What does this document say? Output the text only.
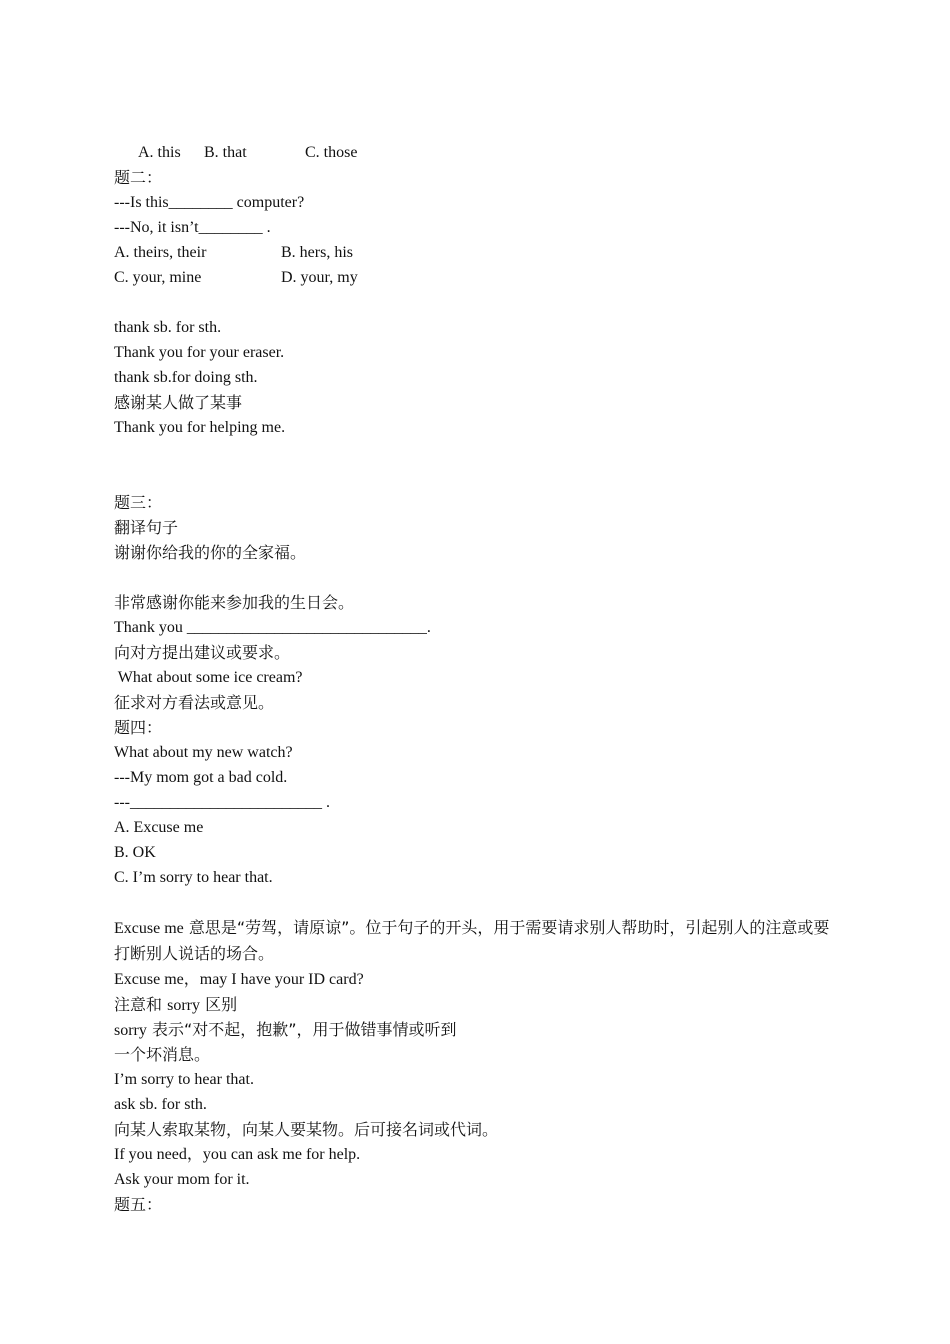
A. this B. that	C. those

题二：
---Is this________ computer?
---No, it isn’t________ .
A. theirs, their	B. hers, his
C. your, mine	D. your, my
thank sb. for sth.
Thank you for your eraser.
thank sb.for doing sth.
感谢某人做了某事
Thank you for helping me.
题三：
翻译句子
谢谢你给我的你的全家福。
非常感谢你能来参加我的生日会。
Thank you ______________________________.
向对方提出建议或要求。
What about some ice cream?
征求对方看法或意见。
题四：
What about my new watch?
---My mom got a bad cold.
---________________________ .
A. Excuse me
B. OK
C. I’m sorry to hear that.
Excuse me 意思是“劳驾，请原谅”。位于句子的开头，用于需要请求别人帮助时，引起别人的注意或要打断别人说话的场合。
Excuse me，may I have your ID card?
注意和 sorry 区别
sorry 表示“对不起，抱歉”，用于做错事情或听到
一个坏消息。
I’m sorry to hear that.
ask sb. for sth.
向某人索取某物，向某人要某物。后可接名词或代词。
If you need，you can ask me for help.
Ask your mom for it.
题五：
